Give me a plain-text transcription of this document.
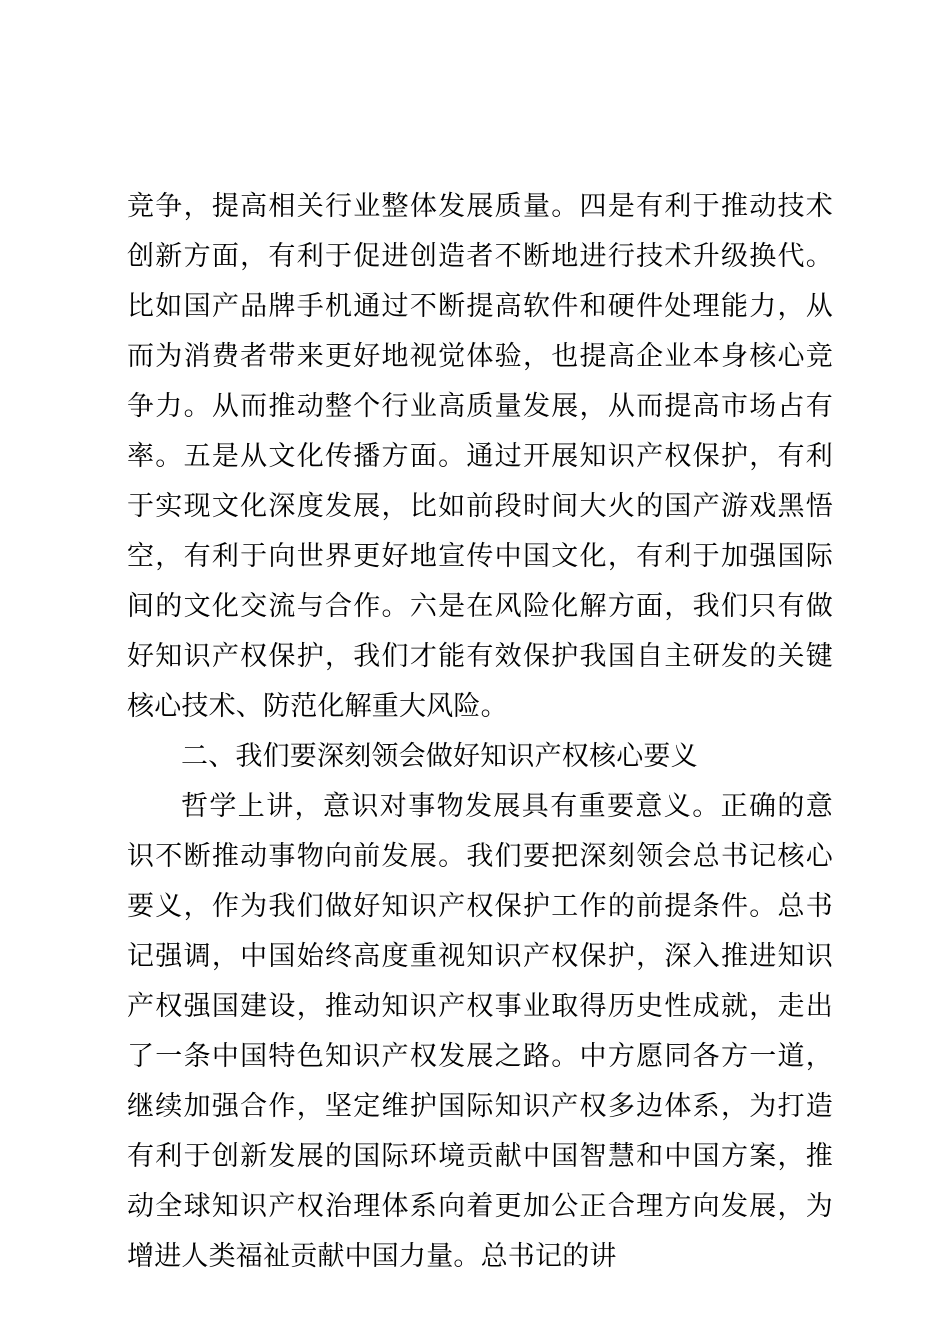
竞争，提高相关行业整体发展质量。四是有利于推动技术创新方面，有利于促进创造者不断地进行技术升级换代。比如国产品牌手机通过不断提高软件和硬件处理能力，从而为消费者带来更好地视觉体验，也提高企业本身核心竞争力。从而推动整个行业高质量发展，从而提高市场占有率。五是从文化传播方面。通过开展知识产权保护，有利于实现文化深度发展，比如前段时间大火的国产游戏黑悟空，有利于向世界更好地宣传中国文化，有利于加强国际间的文化交流与合作。六是在风险化解方面，我们只有做好知识产权保护，我们才能有效保护我国自主研发的关键核心技术、防范化解重大风险。

二、我们要深刻领会做好知识产权核心要义

哲学上讲，意识对事物发展具有重要意义。正确的意识不断推动事物向前发展。我们要把深刻领会总书记核心要义，作为我们做好知识产权保护工作的前提条件。总书记强调，中国始终高度重视知识产权保护，深入推进知识产权强国建设，推动知识产权事业取得历史性成就，走出了一条中国特色知识产权发展之路。中方愿同各方一道，继续加强合作，坚定维护国际知识产权多边体系，为打造有利于创新发展的国际环境贡献中国智慧和中国方案，推动全球知识产权治理体系向着更加公正合理方向发展，为增进人类福祉贡献中国力量。总书记的讲
